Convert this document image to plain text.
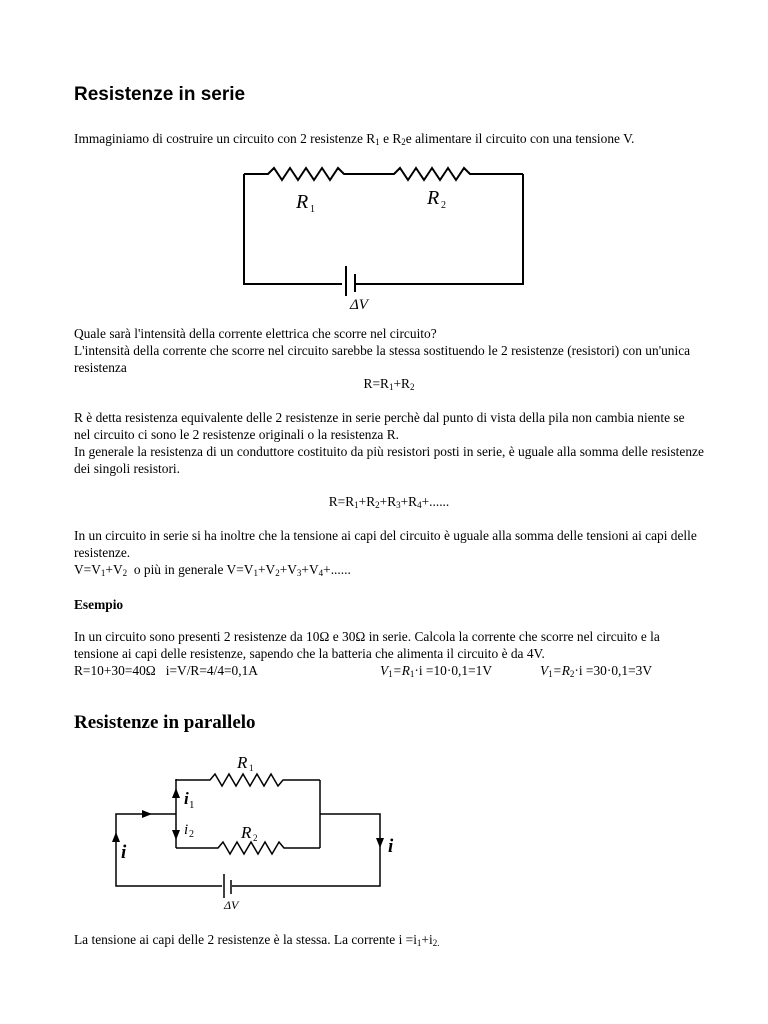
Resistenze in serie

Immaginiamo di costruire un circuito con 2 resistenze $R_1$ e $R_2e$ alimentare il circuito con una tensione V.

R 1
R 2
ΔV

Quale sarà l'intensità della corrente elettrica che scorre nel circuito?

L'intensità della corrente che scorre nel circuito sarebbe la stessa sostituendo le 2 resistenze (resistori) con un'unica resistenza

$R=R_1+R_2$

R è detta resistenza equivalente delle 2 resistenze in serie perchè dal punto di vista della pila non cambia niente se nel circuito ci sono le 2 resistenze originali o la resistenza R.

In generale la resistenza di un conduttore costituito da più resistori posti in serie, è uguale alla somma delle resistenze dei singoli resistori.

$R=R_1+R_2+R_3+R_4+$......

In un circuito in serie si ha inoltre che la tensione ai capi del circuito è uguale alla somma delle tensioni ai capi delle resistenze.

$V=V_1+V_2$  o più in generale $V=V_1+V_2+V_3+V_4+$......

Esempio

In un circuito sono presenti 2 resistenze da 10Ω e 30Ω in serie. Calcola la corrente che scorre nel circuito e la tensione ai capi delle resistenze, sapendo che la batteria che alimenta il circuito è da 4V.

R=10+30=40Ω   i=V/R=4/4=0,1A	$V_1=R_1\cdot i =10\cdot 0,1=1V$	$V_1=R_2\cdot i =30\cdot 0,1=3V$

Resistenze in parallelo
R 1
R 2
i 1
i 2
i	i
ΔV

La tensione ai capi delle 2 resistenze è la stessa. La corrente $i =i_1+i_{2.}$
